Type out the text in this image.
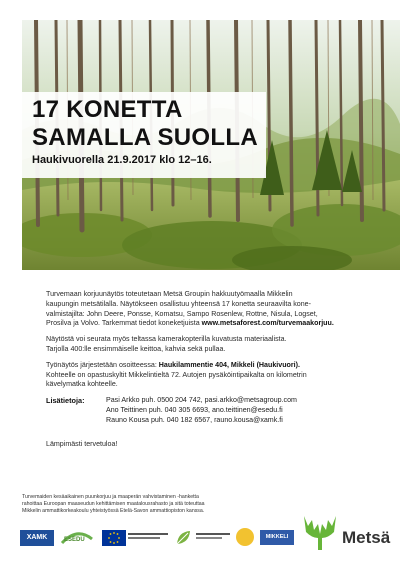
17 KONETTA
SAMALLA SUOLLA
Haukivuorella 21.9.2017 klo 12–16.

Turvemaan korjuunäytös toteutetaan Metsä Groupin hakkuutyömaalla Mikkelin
kaupungin metsätilalla. Näytökseen osallistuu yhteensä 17 konetta seuraavilta kone-
valmistajilta: John Deere, Ponsse, Komatsu, Sampo Rosenlew, Rottne, Nisula, Logset,
Prosilva ja Volvo. Tarkemmat tiedot koneketjuista www.metsaforest.com/turvemaakorjuu.

Näytöstä voi seurata myös teltassa kamerakopterilla kuvatusta materiaalista.
Tarjolla 400:lle ensimmäiselle keittoa, kahvia sekä pullaa.

Työnäytös järjestetään osoitteessa: Haukilammentie 404, Mikkeli (Haukivuori).
Kohteelle on opastuskyltit Mikkelintieltä 72. Autojen pysäköintipaikalta on kilometrin
kävelymatka kohteelle.

Lisätietoja:	Pasi Arkko puh. 0500 204 742, pasi.arkko@metsagroup.com
Ano Teittinen puh. 040 305 6693, ano.teittinen@esedu.fi
Rauno Kousa puh. 040 182 6567, rauno.kousa@xamk.fi
Lämpimästi tervetuloa!
Turvemaiden kesäaikainen puunkorjuu ja maaperän vahvistaminen -hanketta
rahoittaa Euroopan maaseudun kehittämisen maatalousrahasto ja sitä toteuttaa
Mikkelin ammattikorkeakoulu yhteistyössä Etelä-Savon ammattiopiston kanssa.
XAMK	ESEDU	MIKKELI	Metsä
